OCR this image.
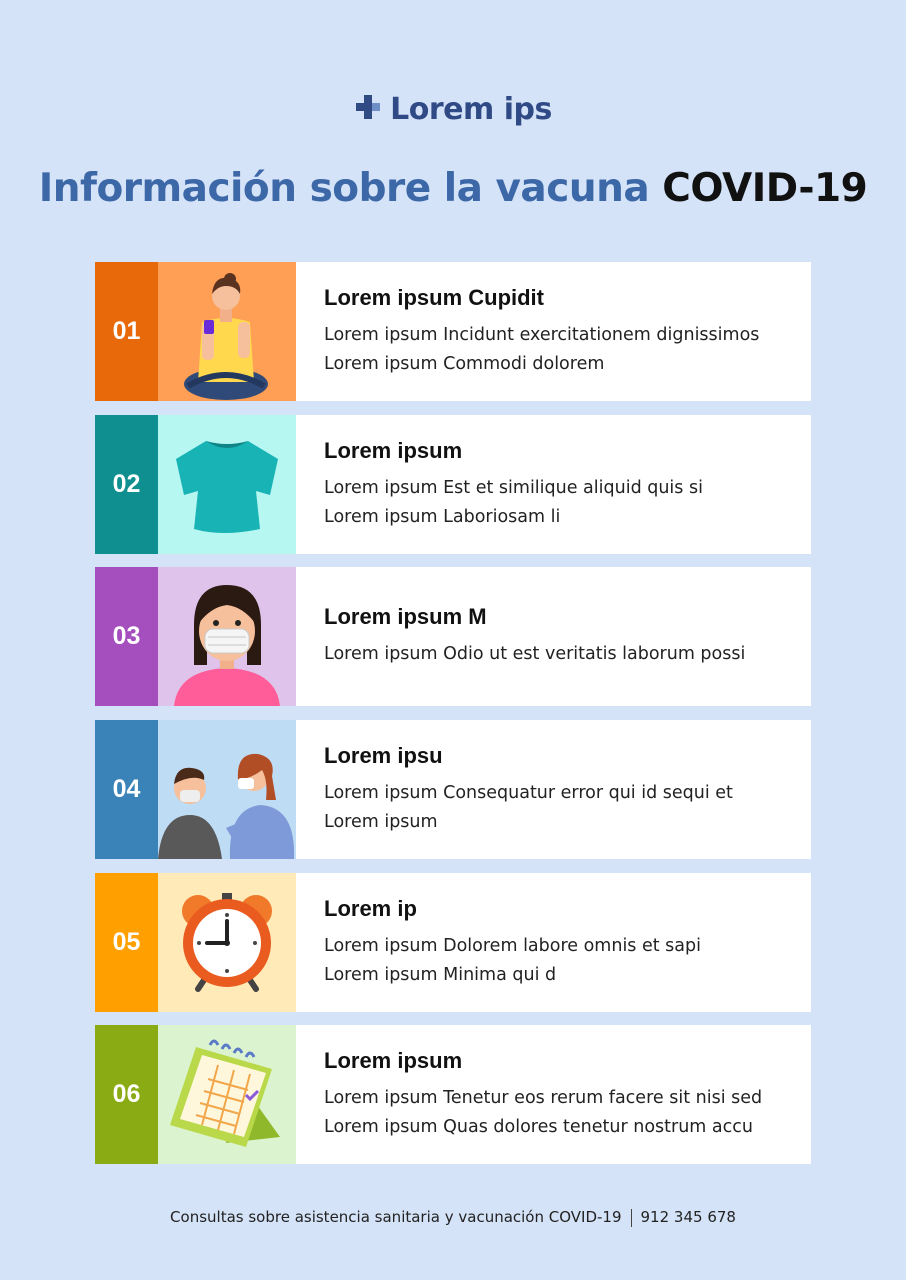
Lorem ips
Información sobre la vacuna COVID-19
01
Lorem ipsum Cupidit
Lorem ipsum Incidunt exercitationem dignissimos
Lorem ipsum Commodi dolorem
02
Lorem ipsum
Lorem ipsum Est et similique aliquid quis si
Lorem ipsum Laboriosam li
03
Lorem ipsum M
Lorem ipsum Odio ut est veritatis laborum possi
04
Lorem ipsu
Lorem ipsum Consequatur error qui id sequi et
Lorem ipsum
05
Lorem ip
Lorem ipsum Dolorem labore omnis et sapi
Lorem ipsum Minima qui d
06
Lorem ipsum
Lorem ipsum Tenetur eos rerum facere sit nisi sed
Lorem ipsum Quas dolores tenetur nostrum accu
Consultas sobre asistencia sanitaria y vacunación COVID-19 912 345 678
